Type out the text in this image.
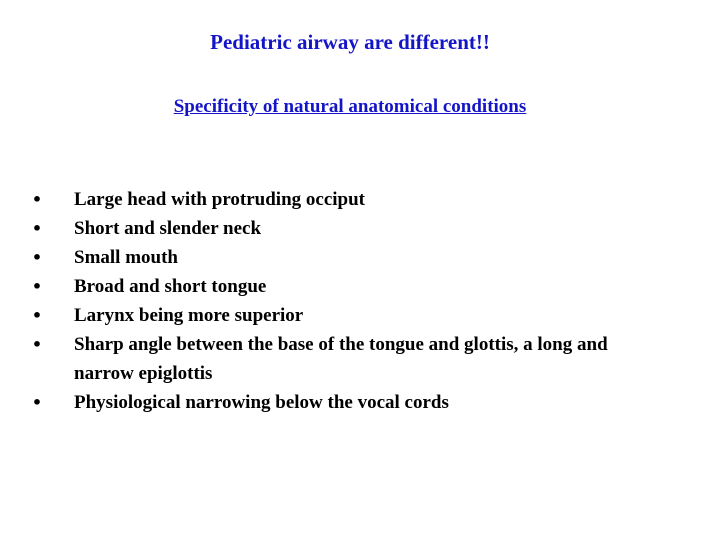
Pediatric airway are different!!
Specificity of natural anatomical conditions
• Large head with protruding occiput
• Short and slender neck
• Small mouth
• Broad and short tongue
• Larynx being more superior
• Sharp angle between the base of the tongue and glottis, a long and narrow epiglottis
• Physiological narrowing below the vocal cords
